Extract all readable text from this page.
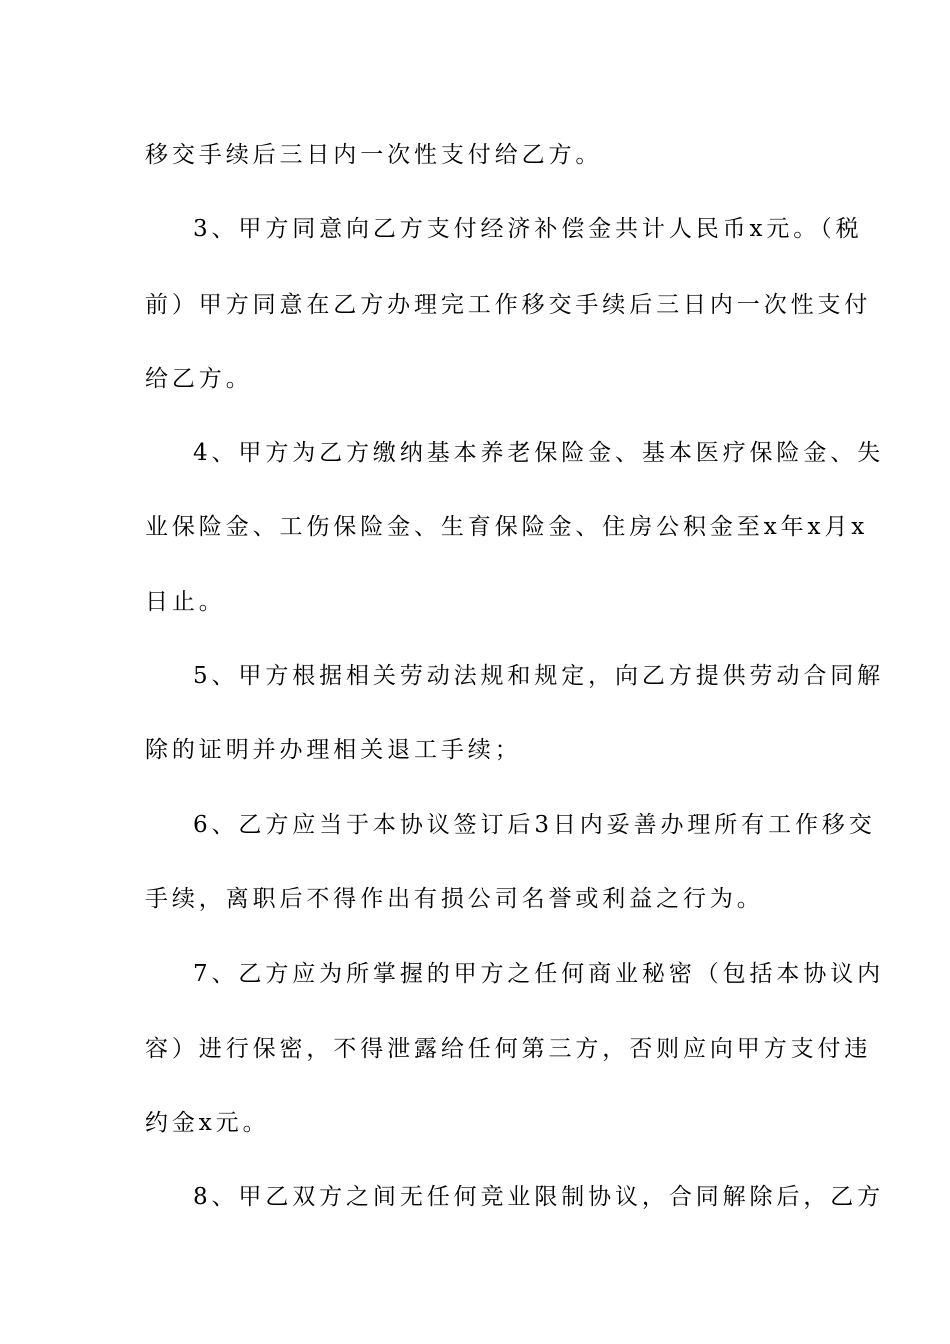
移交手续后三日内一次性支付给乙方。
3、甲方同意向乙方支付经济补偿金共计人民币x元。（税
前）甲方同意在乙方办理完工作移交手续后三日内一次性支付
给乙方。
4、甲方为乙方缴纳基本养老保险金、基本医疗保险金、失
业保险金、工伤保险金、生育保险金、住房公积金至x年x月x
日止。
5、甲方根据相关劳动法规和规定，向乙方提供劳动合同解
除的证明并办理相关退工手续；
6、乙方应当于本协议签订后3日内妥善办理所有工作移交
手续，离职后不得作出有损公司名誉或利益之行为。
7、乙方应为所掌握的甲方之任何商业秘密（包括本协议内
容）进行保密，不得泄露给任何第三方，否则应向甲方支付违
约金x元。
8、甲乙双方之间无任何竞业限制协议，合同解除后，乙方
